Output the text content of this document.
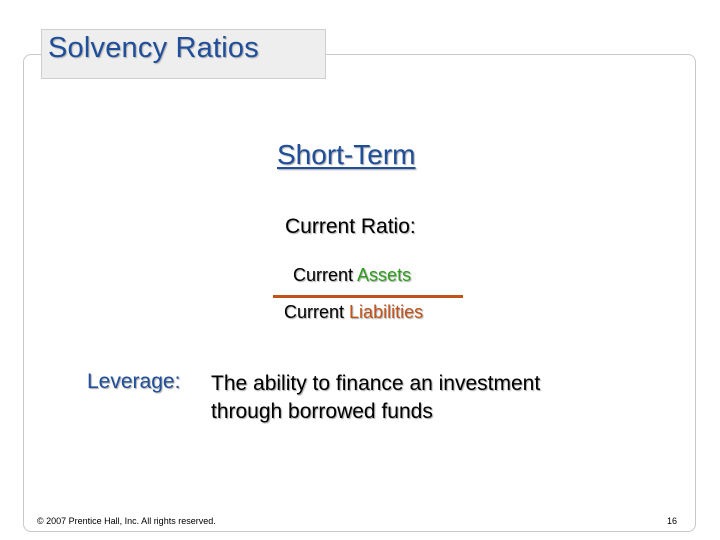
Solvency Ratios
Short-Term
Current Ratio:
Current Assets
Current Liabilities
Leverage: The ability to finance an investment
through borrowed funds
© 2007 Prentice Hall, Inc. All rights reserved.	16
